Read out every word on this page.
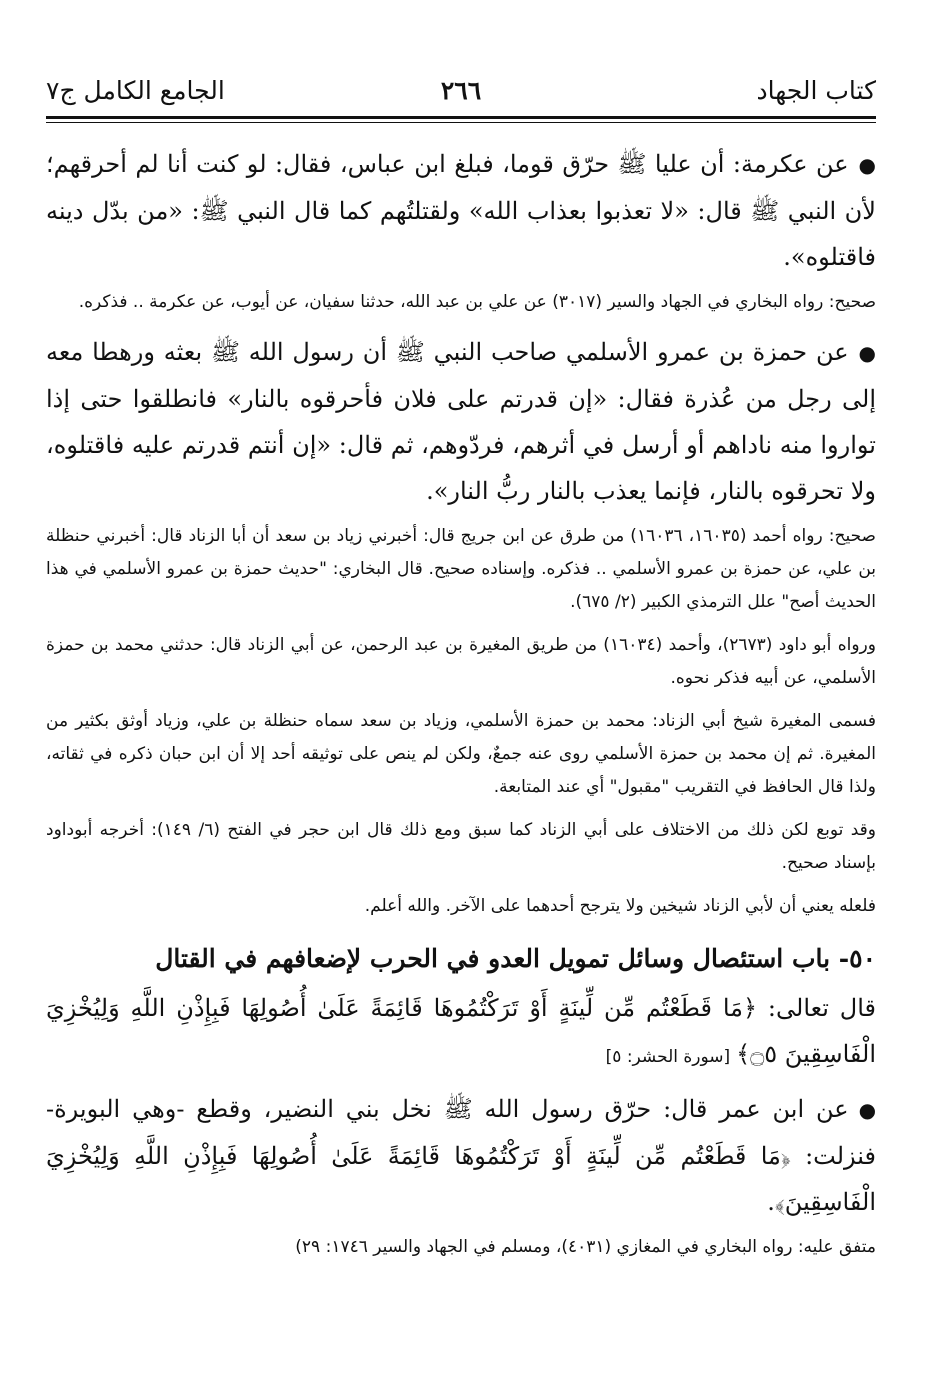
كتاب الجهاد
٢٦٦
الجامع الكامل ج٧

●عن عكرمة: أن عليا ﷺ حرّق قوما، فبلغ ابن عباس، فقال: لو كنت أنا لم أحرقهم؛ لأن النبي ﷺ قال: «لا تعذبوا بعذاب الله» ولقتلتُهم كما قال النبي ﷺ: «من بدّل دينه فاقتلوه».

صحيح: رواه البخاري في الجهاد والسير (٣٠١٧) عن علي بن عبد الله، حدثنا سفيان، عن أيوب، عن عكرمة .. فذكره.

●عن حمزة بن عمرو الأسلمي صاحب النبي ﷺ أن رسول الله ﷺ بعثه ورهطا معه إلى رجل من عُذرة فقال: «إن قدرتم على فلان فأحرقوه بالنار» فانطلقوا حتى إذا تواروا منه ناداهم أو أرسل في أثرهم، فردّوهم، ثم قال: «إن أنتم قدرتم عليه فاقتلوه، ولا تحرقوه بالنار، فإنما يعذب بالنار ربُّ النار».

صحيح: رواه أحمد (١٦٠٣٥، ١٦٠٣٦) من طرق عن ابن جريج قال: أخبرني زياد بن سعد أن أبا الزناد قال: أخبرني حنظلة بن علي، عن حمزة بن عمرو الأسلمي .. فذكره. وإسناده صحيح. قال البخاري: "حديث حمزة بن عمرو الأسلمي في هذا الحديث أصح" علل الترمذي الكبير (٢/ ٦٧٥).

ورواه أبو داود (٢٦٧٣)، وأحمد (١٦٠٣٤) من طريق المغيرة بن عبد الرحمن، عن أبي الزناد قال: حدثني محمد بن حمزة الأسلمي، عن أبيه فذكر نحوه.

فسمى المغيرة شيخ أبي الزناد: محمد بن حمزة الأسلمي، وزياد بن سعد سماه حنظلة بن علي، وزياد أوثق بكثير من المغيرة. ثم إن محمد بن حمزة الأسلمي روى عنه جمعٌ، ولكن لم ينص على توثيقه أحد إلا أن ابن حبان ذكره في ثقاته، ولذا قال الحافظ في التقريب "مقبول" أي عند المتابعة.

وقد توبع لكن ذلك من الاختلاف على أبي الزناد كما سبق ومع ذلك قال ابن حجر في الفتح (٦/ ١٤٩): أخرجه أبوداود بإسناد صحيح.

فلعله يعني أن لأبي الزناد شيخين ولا يترجح أحدهما على الآخر. والله أعلم.

٥٠- باب استئصال وسائل تمويل العدو في الحرب لإضعافهم في القتال

قال تعالى: ﴿مَا قَطَعْتُم مِّن لِّينَةٍ أَوْ تَرَكْتُمُوهَا قَائِمَةً عَلَىٰ أُصُولِهَا فَبِإِذْنِ اللَّهِ وَلِيُخْزِيَ الْفَاسِقِينَ ۝٥﴾[سورة الحشر: ٥]

●عن ابن عمر قال: حرّق رسول الله ﷺ نخل بني النضير، وقطع -وهي البويرة- فنزلت: ﴿مَا قَطَعْتُم مِّن لِّينَةٍ أَوْ تَرَكْتُمُوهَا قَائِمَةً عَلَىٰ أُصُولِهَا فَبِإِذْنِ اللَّهِ وَلِيُخْزِيَ الْفَاسِقِينَ﴾.

متفق عليه: رواه البخاري في المغازي (٤٠٣١)، ومسلم في الجهاد والسير ١٧٤٦: ٢٩)
